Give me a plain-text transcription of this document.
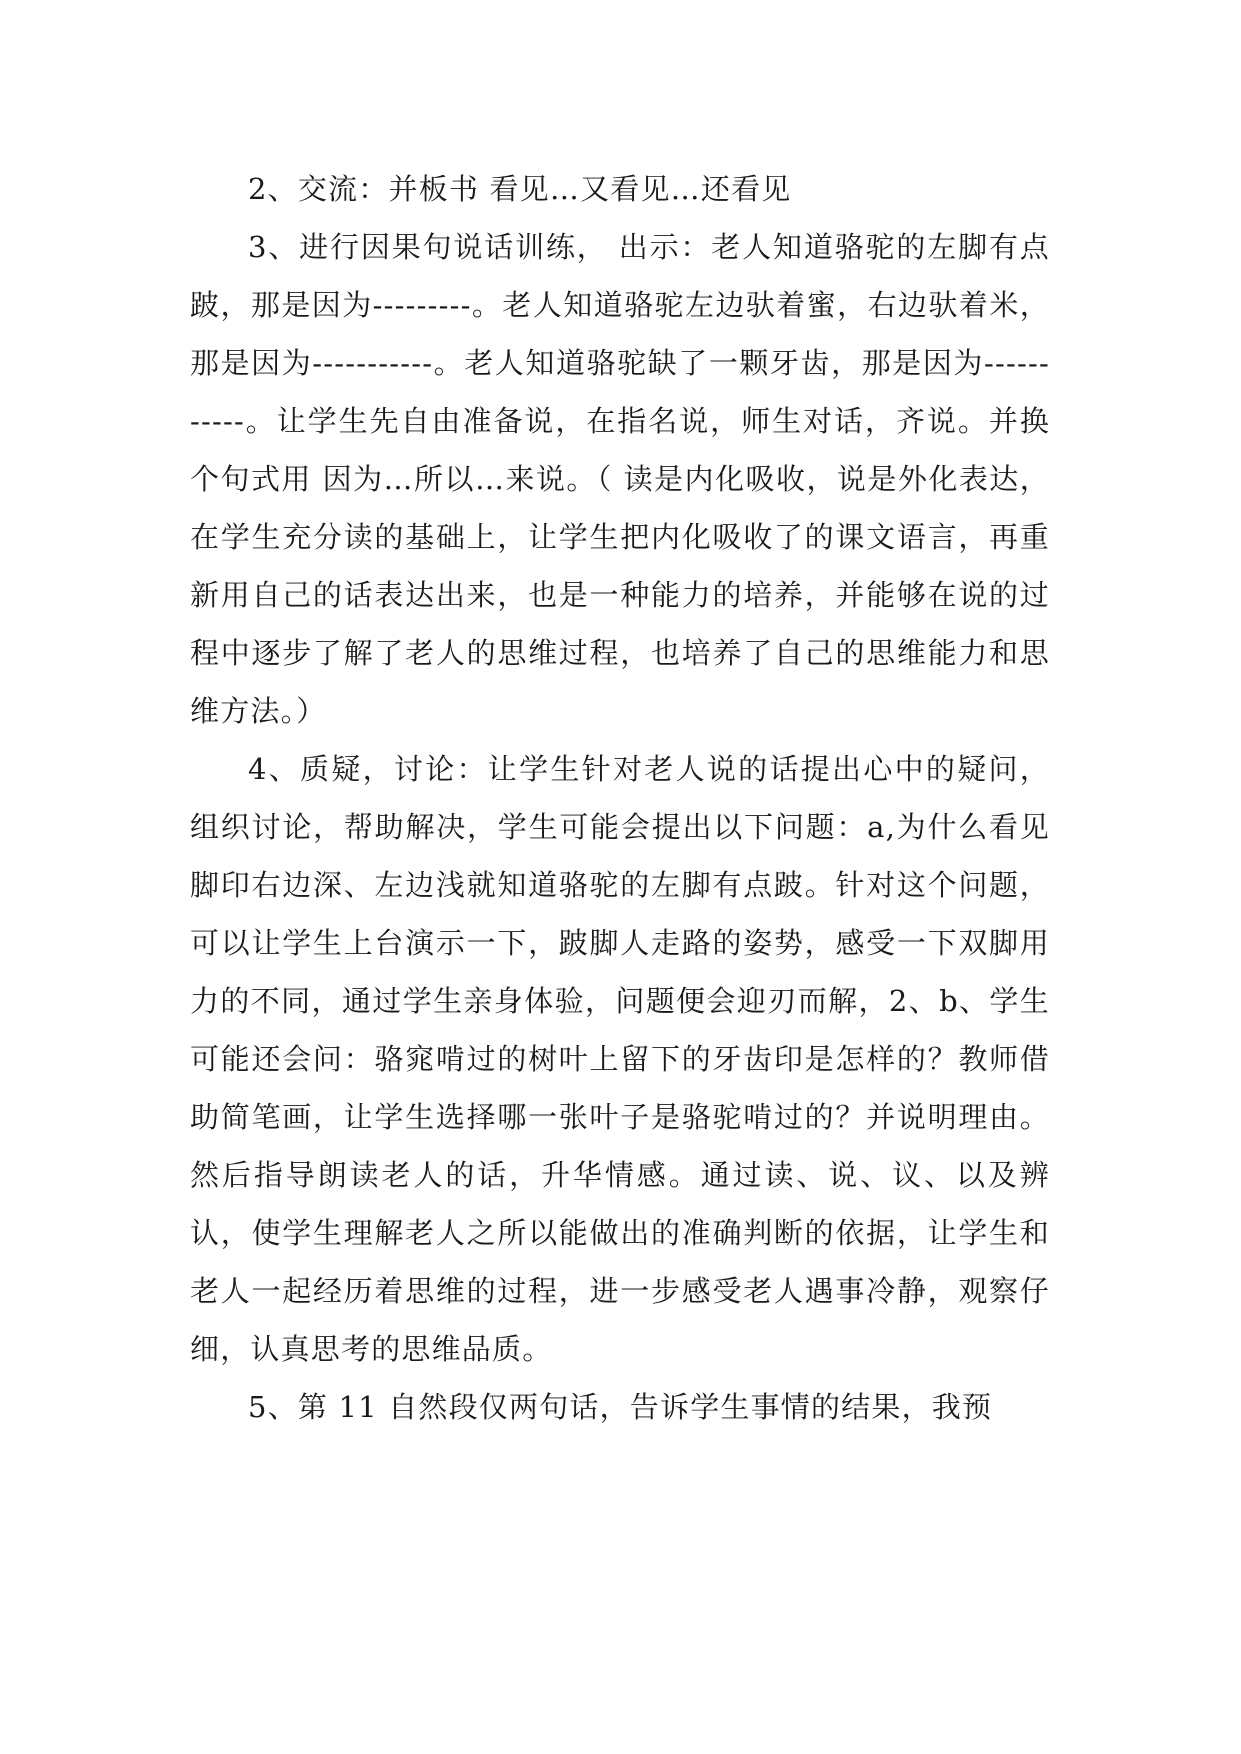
2、交流：并板书 看见…又看见…还看见

3、进行因果句说话训练， 出示：老人知道骆驼的左脚有点跛，那是因为---------。老人知道骆驼左边驮着蜜，右边驮着米，那是因为-----------。老人知道骆驼缺了一颗牙齿，那是因为-----------。让学生先自由准备说，在指名说，师生对话，齐说。并换个句式用 因为…所以…来说。（ 读是内化吸收，说是外化表达，在学生充分读的基础上，让学生把内化吸收了的课文语言，再重新用自己的话表达出来，也是一种能力的培养，并能够在说的过程中逐步了解了老人的思维过程，也培养了自己的思维能力和思维方法。）

4、质疑，讨论：让学生针对老人说的话提出心中的疑问，组织讨论，帮助解决，学生可能会提出以下问题：a,为什么看见脚印右边深、左边浅就知道骆驼的左脚有点跛。针对这个问题，可以让学生上台演示一下，跛脚人走路的姿势，感受一下双脚用力的不同，通过学生亲身体验，问题便会迎刃而解，2、b、学生可能还会问：骆窕啃过的树叶上留下的牙齿印是怎样的？教师借助简笔画，让学生选择哪一张叶子是骆驼啃过的？并说明理由。然后指导朗读老人的话，升华情感。通过读、说、议、以及辨认，使学生理解老人之所以能做出的准确判断的依据，让学生和老人一起经历着思维的过程，进一步感受老人遇事冷静，观察仔细，认真思考的思维品质。

5、第 11 自然段仅两句话，告诉学生事情的结果，我预
